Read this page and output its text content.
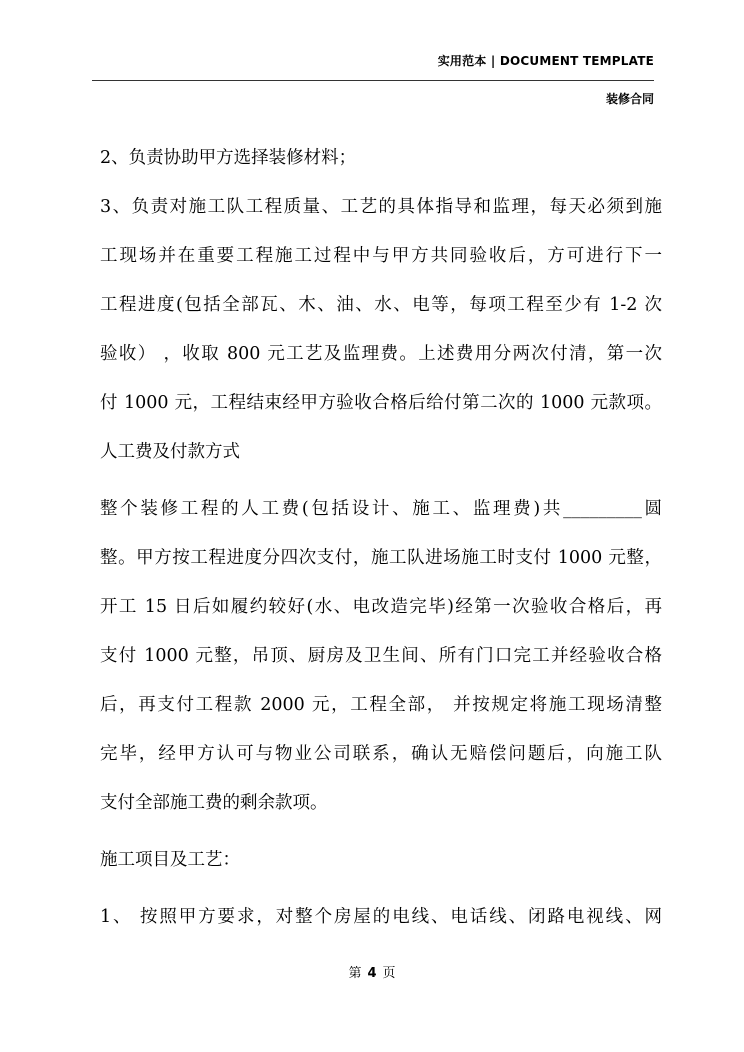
实用范本 | DOCUMENT TEMPLATE
装修合同
2、负责协助甲方选择装修材料；
3、负责对施工队工程质量、工艺的具体指导和监理，每天必须到施
工现场并在重要工程施工过程中与甲方共同验收后，方可进行下一
工程进度(包括全部瓦、木、油、水、电等，每项工程至少有 1-2 次
验收） ，收取 800 元工艺及监理费。上述费用分两次付清，第一次
付 1000 元，工程结束经甲方验收合格后给付第二次的 1000 元款项。
人工费及付款方式
整个装修工程的人工费(包括设计、施工、监理费)共_________圆
整。甲方按工程进度分四次支付，施工队进场施工时支付 1000 元整，
开工 15 日后如履约较好(水、电改造完毕)经第一次验收合格后，再
支付 1000 元整，吊顶、厨房及卫生间、所有门口完工并经验收合格
后，再支付工程款 2000 元，工程全部， 并按规定将施工现场清整
完毕，经甲方认可与物业公司联系，确认无赔偿问题后，向施工队
支付全部施工费的剩余款项。
施工项目及工艺：
1、 按照甲方要求，对整个房屋的电线、电话线、闭路电视线、网
第 4 页
